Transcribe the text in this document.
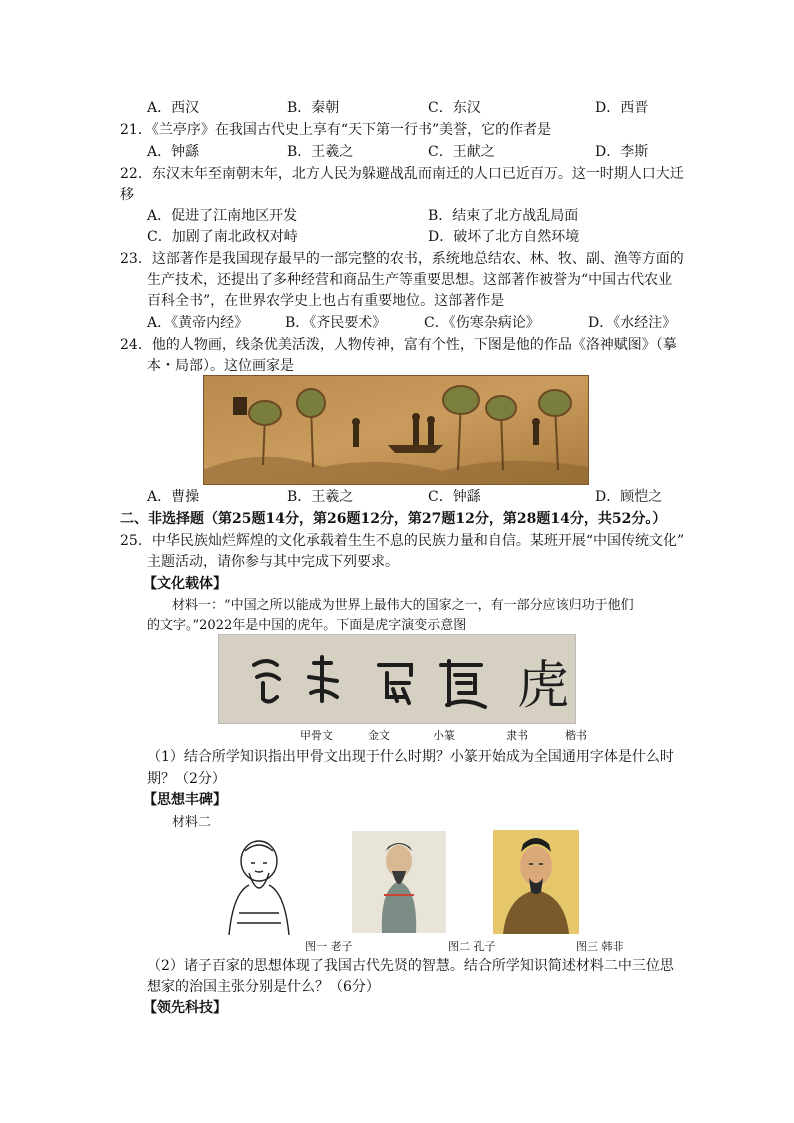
A．西汉	B．秦朝	C．东汉	D．西晋
21．《兰亭序》在我国古代史上享有“天下第一行书”美誉，它的作者是
A．钟繇	B．王羲之	C．王献之	D．李斯
22．东汉末年至南朝末年，北方人民为躲避战乱而南迁的人口已近百万。这一时期人口大迁
移
A．促进了江南地区开发	B．结束了北方战乱局面
C．加剧了南北政权对峙	D．破坏了北方自然环境
23．这部著作是我国现存最早的一部完整的农书，系统地总结农、林、牧、副、渔等方面的
生产技术，还提出了多种经营和商品生产等重要思想。这部著作被誉为“中国古代农业
百科全书”，在世界农学史上也占有重要地位。这部著作是
A．《黄帝内经》	B．《齐民要术》	C．《伤寒杂病论》	D．《水经注》
24．他的人物画，线条优美活泼，人物传神，富有个性，下图是他的作品《洛神赋图》（摹
本・局部）。这位画家是
A．曹操	B．王羲之	C．钟繇	D．顾恺之
二、非选择题（第25题14分，第26题12分，第27题12分，第28题14分，共52分。）
25．中华民族灿烂辉煌的文化承载着生生不息的民族力量和自信。某班开展“中国传统文化”
主题活动，请你参与其中完成下列要求。
【文化载体】
材料一：“中国之所以能成为世界上最伟大的国家之一，有一部分应该归功于他们
的文字。”2022年是中国的虎年。下面是虎字演变示意图
虎
甲骨文	金文	小篆	隶书	楷书
（1）结合所学知识指出甲骨文出现于什么时期？小篆开始成为全国通用字体是什么时
期？（2分）
【思想丰碑】
材料二
图一 老子	图二 孔子	图三 韩非
（2）诸子百家的思想体现了我国古代先贤的智慧。结合所学知识简述材料二中三位思
想家的治国主张分别是什么？（6分）
【领先科技】
